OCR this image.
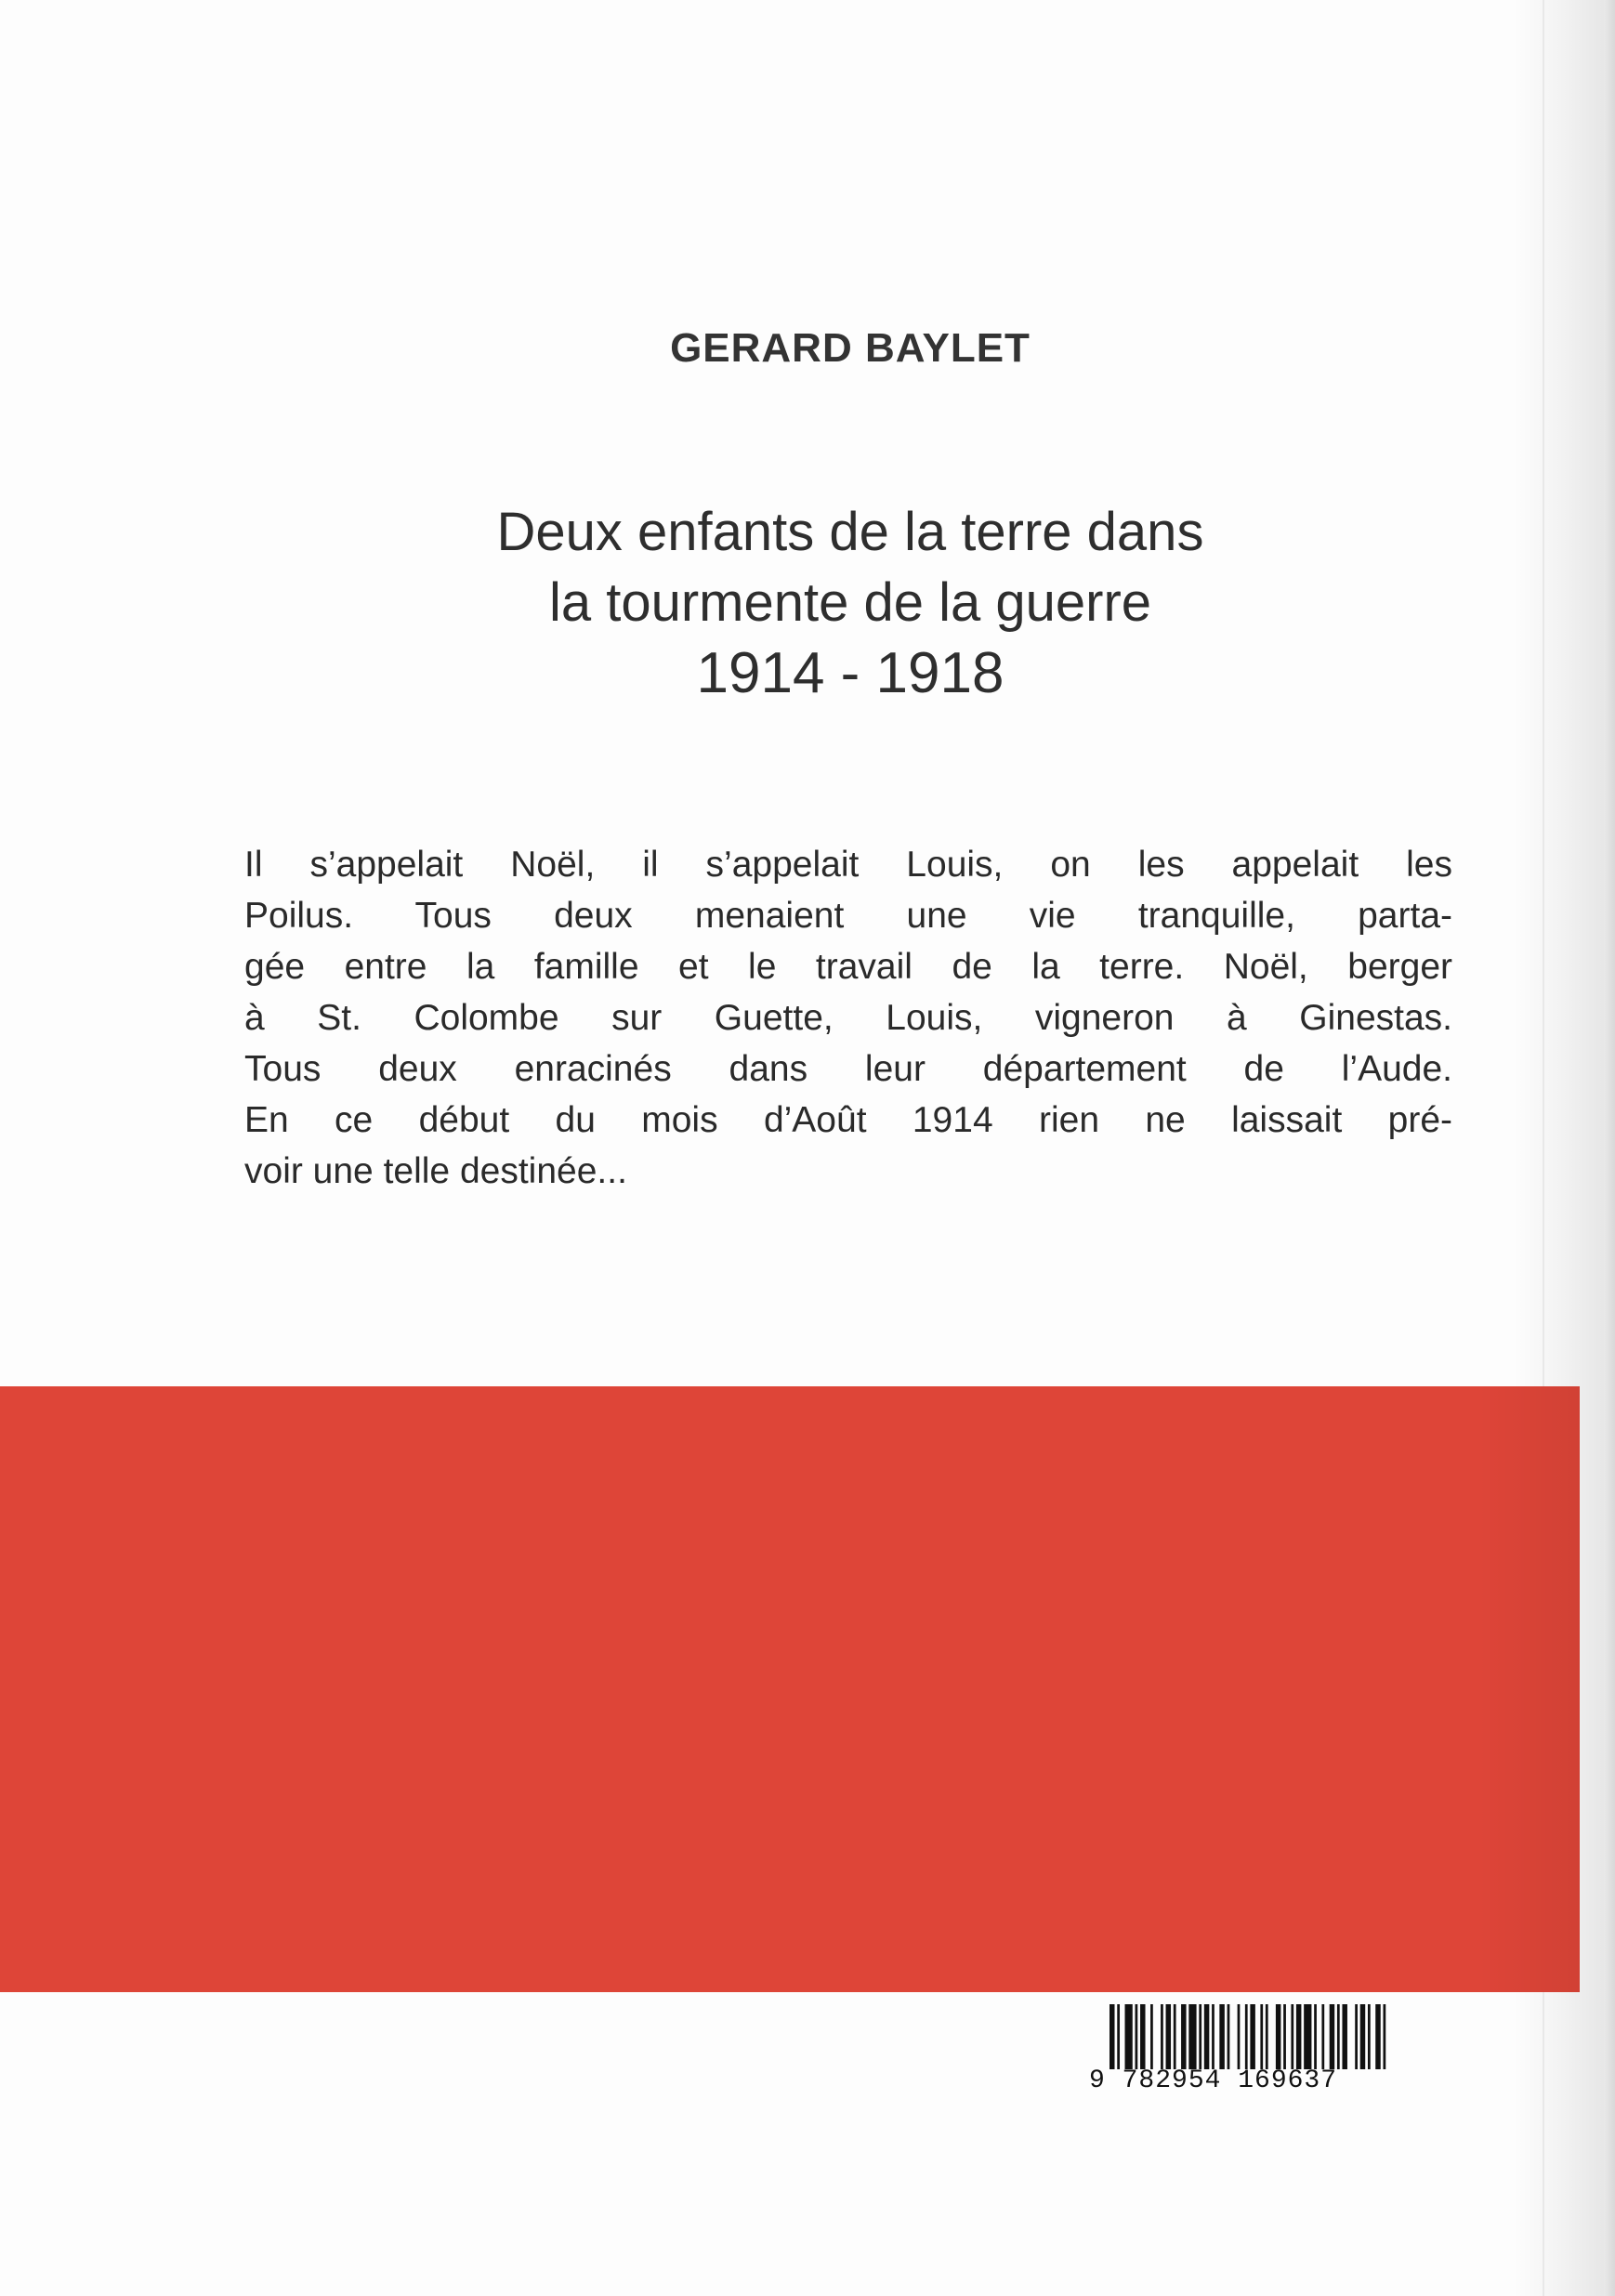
GERARD BAYLET
Deux enfants de la terre dans
la tourmente de la guerre
1914 - 1918
Il s’appelait Noël, il s’appelait Louis, on les appelait les
Poilus. Tous deux menaient une vie tranquille, parta-
gée entre la famille et le travail de la terre. Noël, berger
à St. Colombe sur Guette, Louis, vigneron à Ginestas.
Tous deux enracinés dans leur département de l’Aude.
En ce début du mois d’Août 1914 rien ne laissait pré-
voir une telle destinée...
9 782954 169637
